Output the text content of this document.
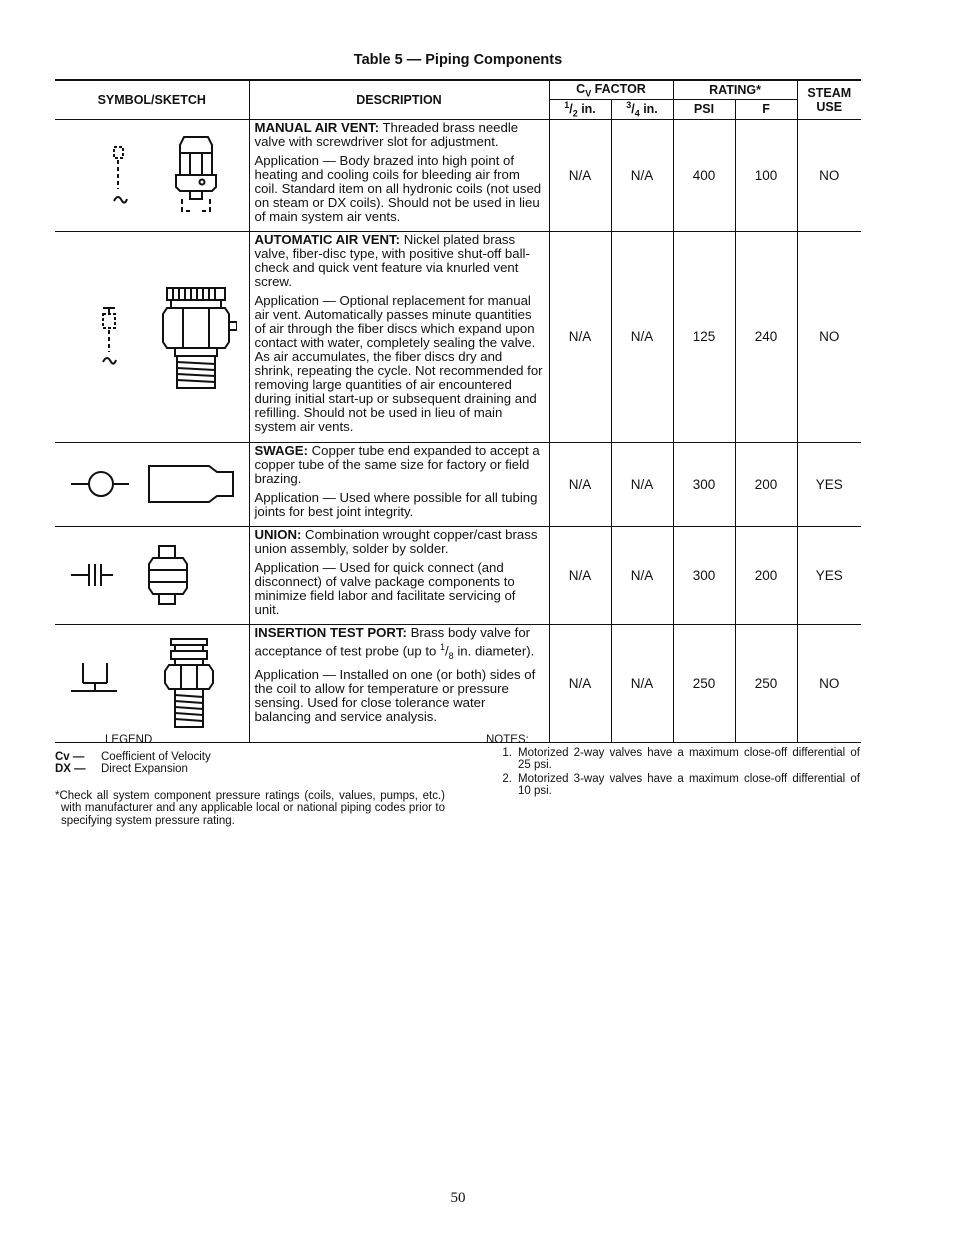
Table 5 — Piping Components
SYMBOL/SKETCH	DESCRIPTION	$C_V$ FACTOR		RATING*		STEAM
USE
		$^1/_2$ in.	$^3/_4$ in.	PSI	F	

MANUAL AIR VENT: Threaded brass needle valve with screwdriver slot for adjustment.

Application — Body brazed into high point of heating and cooling coils for bleeding air from coil. Standard item on all hydronic coils (not used on steam or DX coils). Should not be used in lieu of main system air vents.	N/A	N/A	400	100	NO

AUTOMATIC AIR VENT: Nickel plated brass valve, fiber-disc type, with positive shut-off ball-check and quick vent feature via knurled vent screw.

Application — Optional replacement for manual air vent. Automatically passes minute quantities of air through the fiber discs which expand upon contact with water, completely sealing the valve. As air accumulates, the fiber discs dry and shrink, repeating the cycle. Not recommended for removing large quantities of air encountered during initial start-up or subsequent draining and refilling. Should not be used in lieu of main system air vents.	N/A	N/A	125	240	NO

SWAGE: Copper tube end expanded to accept a copper tube of the same size for factory or field brazing.

Application — Used where possible for all tubing joints for best joint integrity.	N/A	N/A	300	200	YES

UNION: Combination wrought copper/cast brass union assembly, solder by solder.

Application — Used for quick connect (and disconnect) of valve package components to minimize field labor and facilitate servicing of unit.	N/A	N/A	300	200	YES

INSERTION TEST PORT: Brass body valve for acceptance of test probe (up to $^1/_8$ in. diameter).

Application — Installed on one (or both) sides of the coil to allow for temperature or pressure sensing. Used for close tolerance water balancing and service analysis.	N/A	N/A	250	250	NO
LEGEND
Cv —	Coefficient of Velocity
DX —	Direct Expansion
*Check all system component pressure ratings (coils, values, pumps, etc.) with manufacturer and any applicable local or national piping codes prior to specifying system pressure rating.
NOTES:
1. Motorized 2-way valves have a maximum close-off differential of 25 psi.
2. Motorized 3-way valves have a maximum close-off differential of 10 psi.
50
